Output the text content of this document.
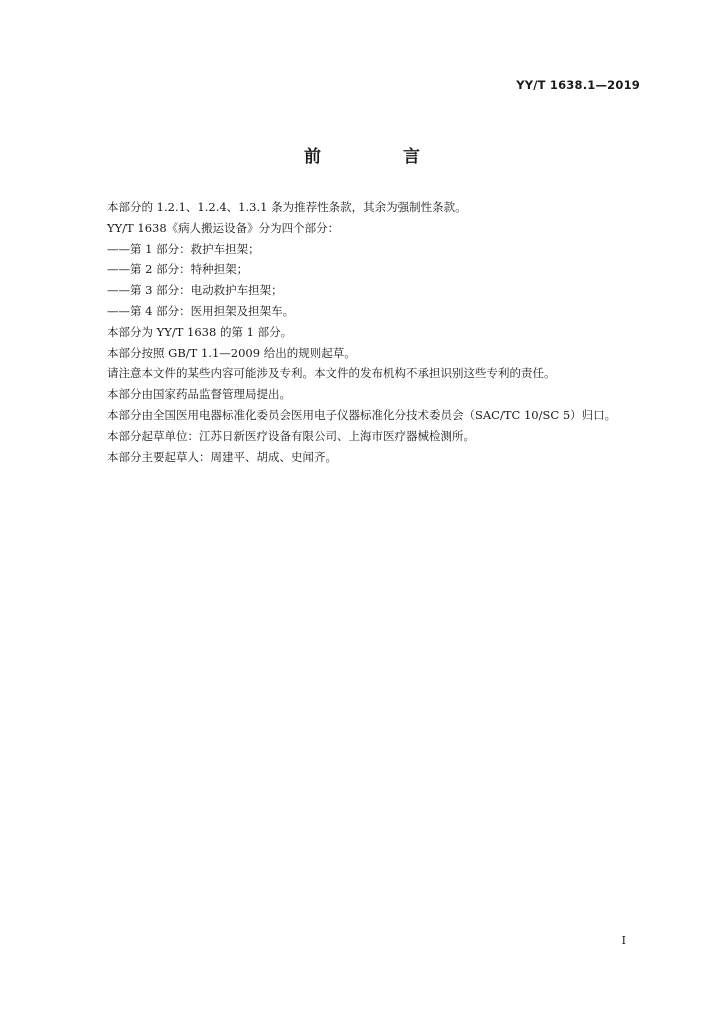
YY/T 1638.1—2019
前 言

本部分的 1.2.1、1.2.4、1.3.1 条为推荐性条款，其余为强制性条款。

YY/T 1638《病人搬运设备》分为四个部分：

——第 1 部分：救护车担架；

——第 2 部分：特种担架；

——第 3 部分：电动救护车担架；

——第 4 部分：医用担架及担架车。

本部分为 YY/T 1638 的第 1 部分。

本部分按照 GB/T 1.1—2009 给出的规则起草。

请注意本文件的某些内容可能涉及专利。本文件的发布机构不承担识别这些专利的责任。

本部分由国家药品监督管理局提出。

本部分由全国医用电器标准化委员会医用电子仪器标准化分技术委员会（SAC/TC 10/SC 5）归口。

本部分起草单位：江苏日新医疗设备有限公司、上海市医疗器械检测所。

本部分主要起草人：周建平、胡成、史闻齐。

I
